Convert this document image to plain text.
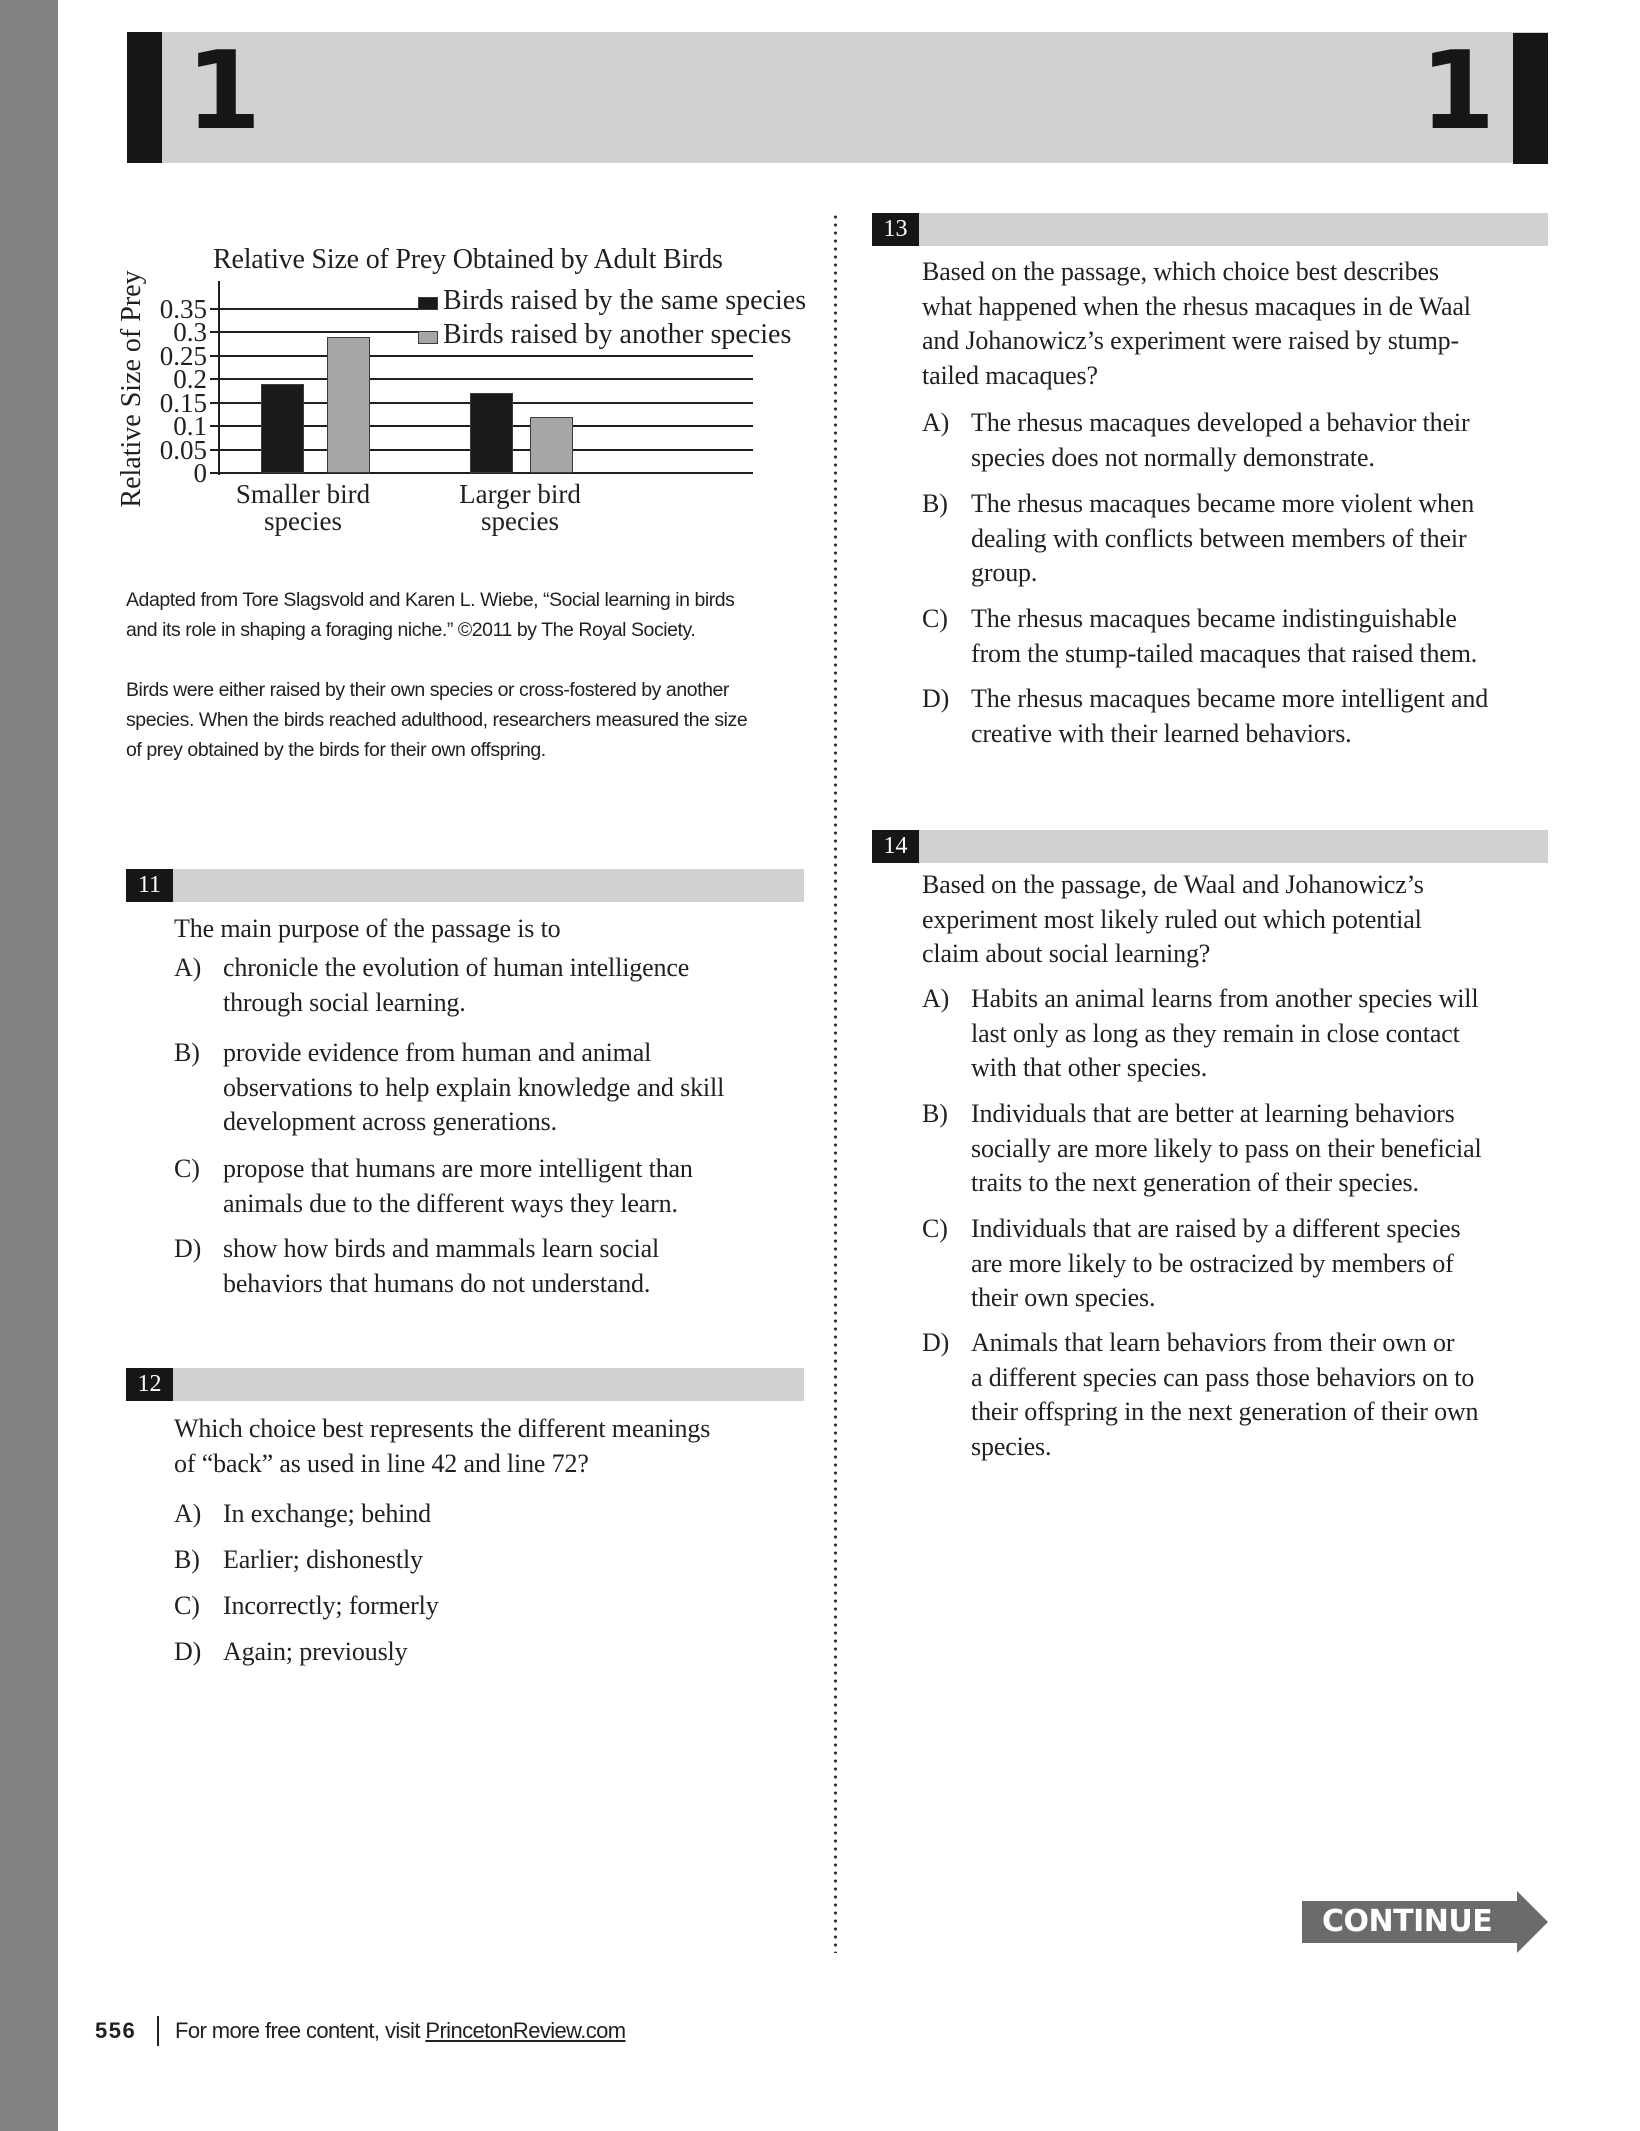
1	1
Relative Size of Prey Obtained by Adult Birds
Relative Size of Prey 0.35
0.3
0.25
0.2
0.15
0.1
0.05
0
Smaller bird
species
Larger bird
species
Birds raised by the same species
Birds raised by another species
Adapted from Tore Slagsvold and Karen L. Wiebe, “Social learning in birds
and its role in shaping a foraging niche.” ©2011 by The Royal Society.
Birds were either raised by their own species or cross-fostered by another
species. When the birds reached adulthood, researchers measured the size
of prey obtained by the birds for their own offspring.
11
The main purpose of the passage is to
A) chronicle the evolution of human intelligence
through social learning.
B) provide evidence from human and animal
observations to help explain knowledge and skill
development across generations.
C) propose that humans are more intelligent than
animals due to the different ways they learn.
D) show how birds and mammals learn social
behaviors that humans do not understand.
12
Which choice best represents the different meanings
of “back” as used in line 42 and line 72?
A) In exchange; behind
B) Earlier; dishonestly
C) Incorrectly; formerly
D) Again; previously
13
Based on the passage, which choice best describes
what happened when the rhesus macaques in de Waal
and Johanowicz’s experiment were raised by stump-
tailed macaques?
A) The rhesus macaques developed a behavior their
species does not normally demonstrate.
B) The rhesus macaques became more violent when
dealing with conflicts between members of their
group.
C) The rhesus macaques became indistinguishable
from the stump-tailed macaques that raised them.
D) The rhesus macaques became more intelligent and
creative with their learned behaviors.
14
Based on the passage, de Waal and Johanowicz’s
experiment most likely ruled out which potential
claim about social learning?
A) Habits an animal learns from another species will
last only as long as they remain in close contact
with that other species.
B) Individuals that are better at learning behaviors
socially are more likely to pass on their beneficial
traits to the next generation of their species.
C) Individuals that are raised by a different species
are more likely to be ostracized by members of
their own species.
D) Animals that learn behaviors from their own or
a different species can pass those behaviors on to
their offspring in the next generation of their own
species.
CONTINUE
556 For more free content, visit PrincetonReview.com
